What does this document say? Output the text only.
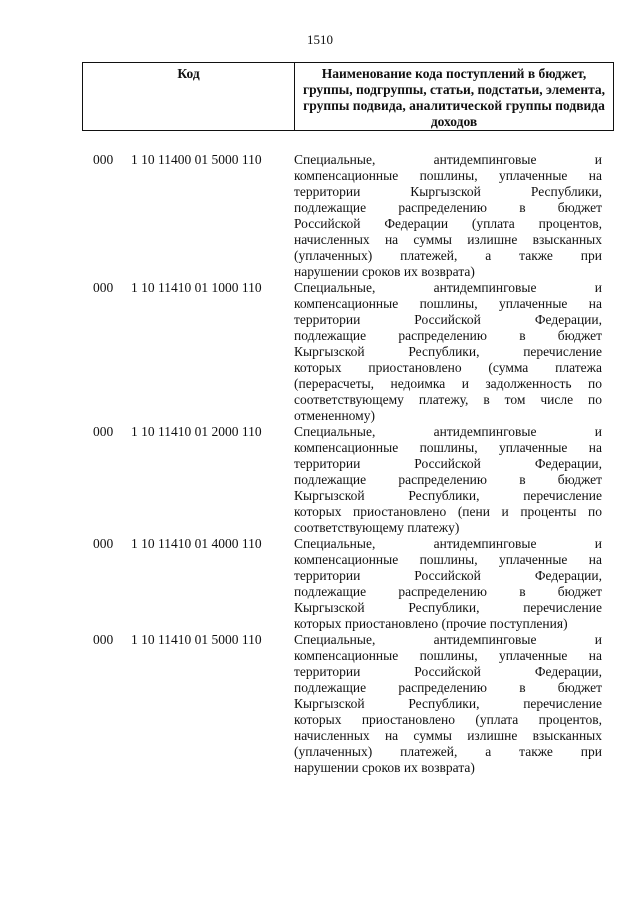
1510
Код	Наименование кода поступлений в бюджет, группы, подгруппы, статьи, подстатьи, элемента, группы подвида, аналитической группы подвида доходов
000 1 10 11400 01 5000 110 Специальные, антидемпинговые и
компенсационные пошлины, уплаченные на
территории Кыргызской Республики,
подлежащие распределению в бюджет
Российской Федерации (уплата процентов,
начисленных на суммы излишне взысканных
(уплаченных) платежей, а также при
нарушении сроков их возврата)
000 1 10 11410 01 1000 110 Специальные, антидемпинговые и
компенсационные пошлины, уплаченные на
территории Российской Федерации,
подлежащие распределению в бюджет
Кыргызской Республики, перечисление
которых приостановлено (сумма платежа
(перерасчеты, недоимка и задолженность по
соответствующему платежу, в том числе по
отмененному)
000 1 10 11410 01 2000 110 Специальные, антидемпинговые и
компенсационные пошлины, уплаченные на
территории Российской Федерации,
подлежащие распределению в бюджет
Кыргызской Республики, перечисление
которых приостановлено (пени и проценты по
соответствующему платежу)
000 1 10 11410 01 4000 110 Специальные, антидемпинговые и
компенсационные пошлины, уплаченные на
территории Российской Федерации,
подлежащие распределению в бюджет
Кыргызской Республики, перечисление
которых приостановлено (прочие поступления)
000 1 10 11410 01 5000 110 Специальные, антидемпинговые и
компенсационные пошлины, уплаченные на
территории Российской Федерации,
подлежащие распределению в бюджет
Кыргызской Республики, перечисление
которых приостановлено (уплата процентов,
начисленных на суммы излишне взысканных
(уплаченных) платежей, а также при
нарушении сроков их возврата)
